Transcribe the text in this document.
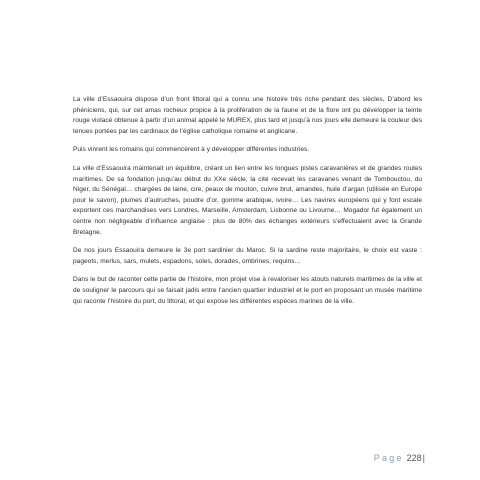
La ville d’Essaouira dispose d’un front littoral qui a connu une histoire très riche pendant des siècles, D’abord les phéniciens, qui, sur cet amas rocheux propice à la prolifération de la faune et de la flore ont pu développer la teinte rouge violacé obtenue à partir d’un animal appelé le MUREX, plus tard et jusqu’à nos jours elle demeure la couleur des tenues portées par les cardinaux de l’église catholique romaine et anglicane.

Puis vinrent les romains qui commencèrent à y développer différentes industries.

La ville d’Essaouira maintenait un équilibre, créant un lien entre les longues pistes caravanières et de grandes routes maritimes. De sa fondation jusqu’au début du XXe siècle, la cité recevait les caravanes venant de Tombouctou, du Niger, du Sénégal… chargées de laine, cire, peaux de mouton, cuivre brut, amandes, huile d’argan (utilisée en Europe pour le savon), plumes d’autruches, poudre d’or, gomme arabique, ivoire… Les navires européens qui y font escale exportent ces marchandises vers Londres, Marseille, Amsterdam, Lisbonne ou Livourne… Mogador fut également un centre non négligeable d’influence anglaise : plus de 80% des échanges extérieurs s’effectuaient avec la Grande Bretagne.

De nos jours Essaouira demeure le 3e port sardinier du Maroc. Si la sardine reste majoritaire, le choix est vaste : pageots, merlus, sars, mulets, espadons, soles, dorades, ombrines, requins…

Dans le but de raconter cette partie de l’histoire, mon projet vise à revaloriser les atouts naturels maritimes de la ville et de souligner le parcours qui se faisait jadis entre l’ancien quartier industriel et le port en proposant un musée maritime qui raconte l’histoire du port, du littoral, et qui expose les différentes espèces marines de la ville.

Page 228|
